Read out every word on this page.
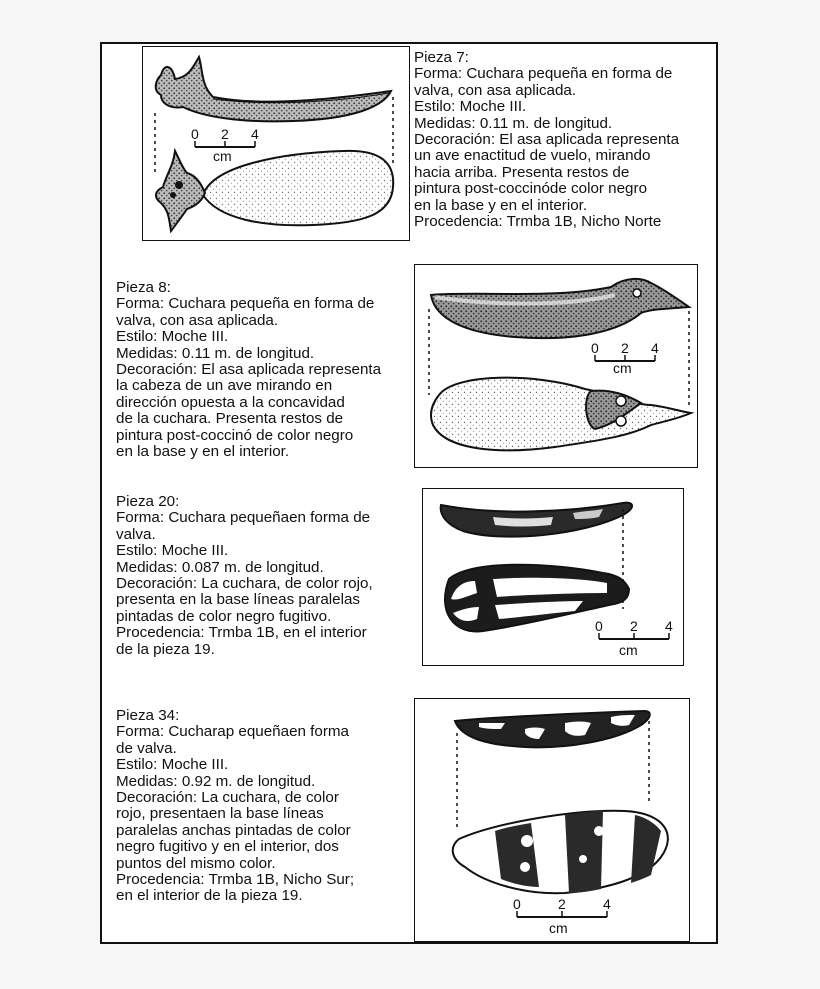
0 2 4
cm
Pieza 7:
Forma: Cuchara pequeña en forma de
valva, con asa aplicada.
Estilo: Moche III.
Medidas: 0.11 m. de longitud.
Decoración: El asa aplicada representa
un ave enactitud de vuelo, mirando
hacia arriba. Presenta restos de
pintura post-coccinóde color negro
en la base y en el interior.
Procedencia: Trmba 1B, Nicho Norte
Pieza 8:
Forma: Cuchara pequeña en forma de
valva, con asa aplicada.
Estilo: Moche III.
Medidas: 0.11 m. de longitud.
Decoración: El asa aplicada representa
la cabeza de un ave mirando en
dirección opuesta a la concavidad
de la cuchara. Presenta restos de
pintura post-coccinó de color negro
en la base y en el interior.
0 2 4
cm
Pieza 20:
Forma: Cuchara pequeñaen forma de
valva.
Estilo: Moche III.
Medidas: 0.087 m. de longitud.
Decoración: La cuchara, de color rojo,
presenta en la base líneas paralelas
pintadas de color negro fugitivo.
Procedencia: Trmba 1B, en el interior
de la pieza 19.
0 2 4
cm
Pieza 34:
Forma: Cucharap equeñaen forma
de valva.
Estilo: Moche III.
Medidas: 0.92 m. de longitud.
Decoración: La cuchara, de color
rojo, presentaen la base líneas
paralelas anchas pintadas de color
negro fugitivo y en el interior, dos
puntos del mismo color.
Procedencia: Trmba 1B, Nicho Sur;
en el interior de la pieza 19.	0	2	4
cm
